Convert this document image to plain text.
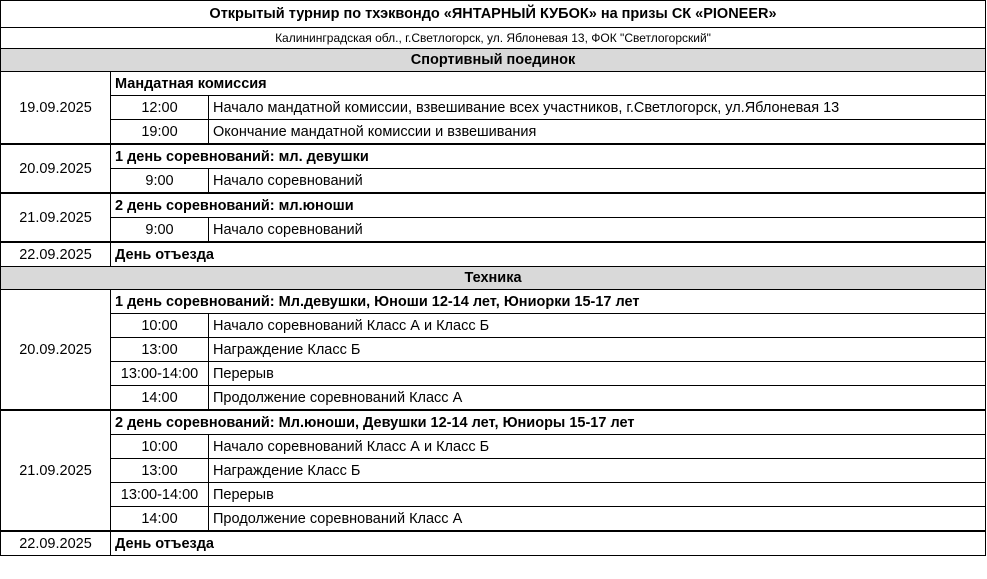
Открытый турнир по тхэквондо «ЯНТАРНЫЙ КУБОК» на призы СК «PIONEER»		
Калининградская обл., г.Светлогорск, ул. Яблоневая 13, ФОК "Светлогорский"		
Спортивный поединок		
19.09.2025	Мандатная комиссия	
	12:00	Начало мандатной комиссии, взвешивание всех участников, г.Светлогорск, ул.Яблоневая 13
	19:00	Окончание мандатной комиссии и взвешивания
20.09.2025	1 день соревнований: мл. девушки	
	9:00	Начало соревнований
21.09.2025	2 день соревнований: мл.юноши	
	9:00	Начало соревнований
22.09.2025	День отъезда	
Техника		
20.09.2025	1 день соревнований: Мл.девушки, Юноши 12-14 лет, Юниорки 15-17 лет	
	10:00	Начало соревнований Класс А и Класс Б
	13:00	Награждение Класс Б
	13:00-14:00	Перерыв
	14:00	Продолжение соревнований Класс А
21.09.2025	2 день соревнований: Мл.юноши, Девушки 12-14 лет, Юниоры 15-17 лет	
	10:00	Начало соревнований Класс А и Класс Б
	13:00	Награждение Класс Б
	13:00-14:00	Перерыв
	14:00	Продолжение соревнований Класс А
22.09.2025	День отъезда	
